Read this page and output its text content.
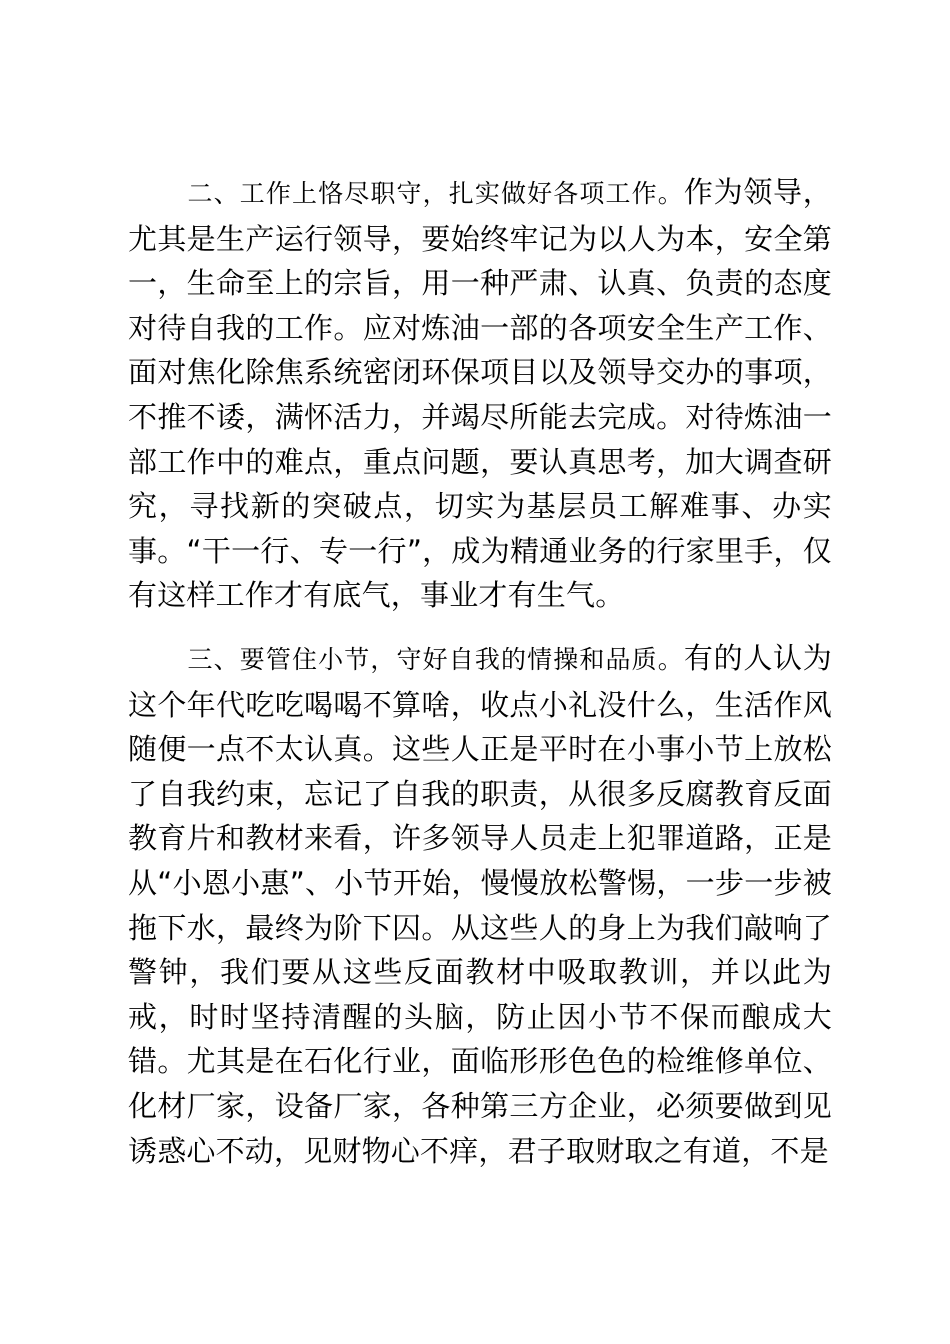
二、工作上恪尽职守，扎实做好各项工作。作为领导，尤其是生产运行领导，要始终牢记为以人为本，安全第一，生命至上的宗旨，用一种严肃、认真、负责的态度对待自我的工作。应对炼油一部的各项安全生产工作、面对焦化除焦系统密闭环保项目以及领导交办的事项，不推不诿，满怀活力，并竭尽所能去完成。对待炼油一部工作中的难点，重点问题，要认真思考，加大调查研究，寻找新的突破点，切实为基层员工解难事、办实事。“干一行、专一行”，成为精通业务的行家里手，仅有这样工作才有底气，事业才有生气。

三、要管住小节，守好自我的情操和品质。有的人认为这个年代吃吃喝喝不算啥，收点小礼没什么，生活作风随便一点不太认真。这些人正是平时在小事小节上放松了自我约束，忘记了自我的职责，从很多反腐教育反面教育片和教材来看，许多领导人员走上犯罪道路，正是从“小恩小惠”、小节开始，慢慢放松警惕，一步一步被拖下水，最终为阶下囚。从这些人的身上为我们敲响了警钟，我们要从这些反面教材中吸取教训，并以此为戒，时时坚持清醒的头脑，防止因小节不保而酿成大错。尤其是在石化行业，面临形形色色的检维修单位、化材厂家，设备厂家，各种第三方企业，必须要做到见诱惑心不动，见财物心不痒，君子取财取之有道，不是
